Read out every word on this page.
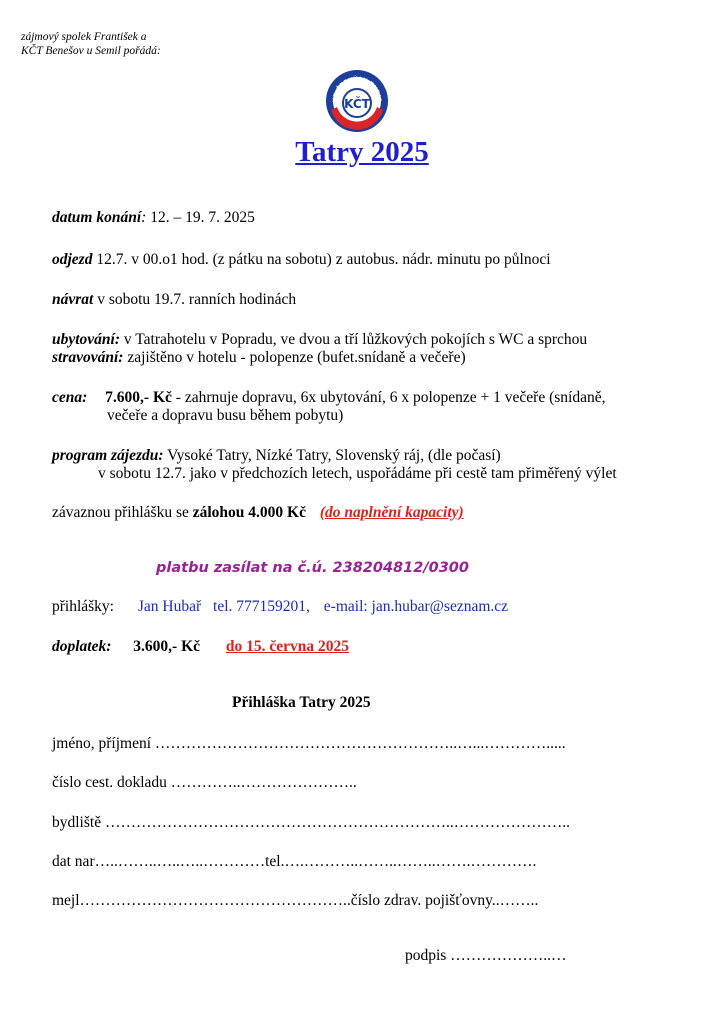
zájmový spolek František a
KČT Benešov u Semil pořádá:
UB ČESKÝCH TURIS
KČT
Tatry 2025
datum konání: 12. – 19. 7. 2025
odjezd 12.7. v 00.o1 hod. (z pátku na sobotu) z autobus. nádr. minutu po půlnoci
návrat v sobotu 19.7. ranních hodinách
ubytování: v Tatrahotelu v Popradu, ve dvou a tří lůžkových pokojích s WC a sprchou
stravování: zajištěno v hotelu - polopenze (bufet.snídaně a večeře)
cena: 7.600,- Kč - zahrnuje dopravu, 6x ubytování, 6 x polopenze + 1 večeře (snídaně,
večeře a dopravu busu během pobytu)
program zájezdu: Vysoké Tatry, Nízké Tatry, Slovenský ráj, (dle počasí)
v sobotu 12.7. jako v předchozích letech, uspořádáme při cestě tam přiměřený výlet
závaznou přihlášku se zálohou 4.000 Kč (do naplnění kapacity)
platbu zasílat na č.ú. 238204812/0300
přihlášky: Jan Hubař tel. 777159201, e-mail: jan.hubar@seznam.cz
doplatek: 3.600,- Kč do 15. června 2025
Přihláška Tatry 2025
jméno, příjmení …………………………………………………..…...………….....
číslo cest. dokladu …………..…………………..
bydliště …………………………………………………………..…………………..
dat nar…..……..…..…..…………tel.….………..……..……..…….………….
mejl……………………………………………..číslo zdrav. pojišťovny..……..
podpis ………………..…
